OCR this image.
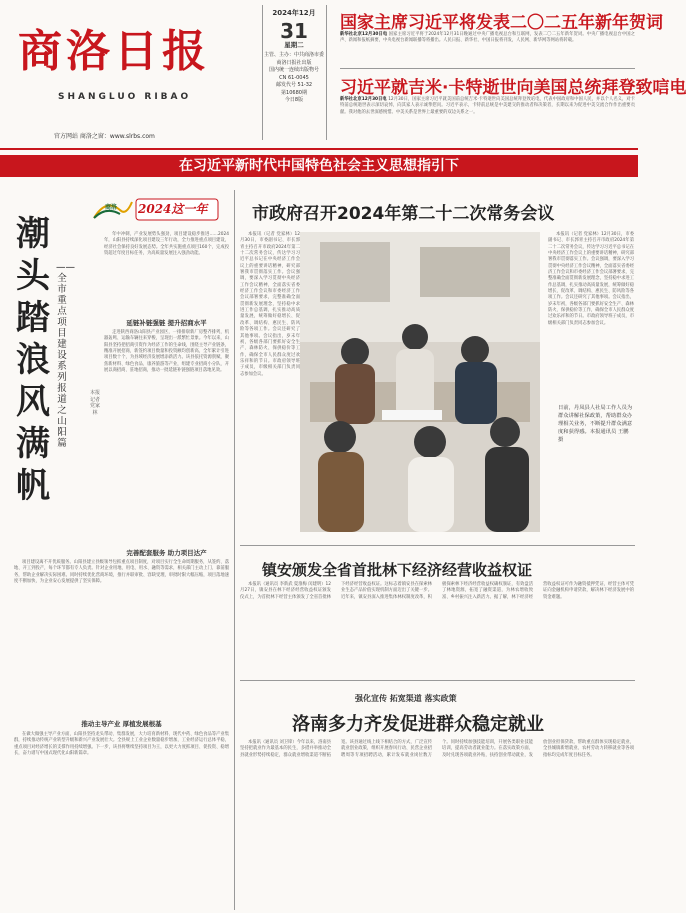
商洛日报
SHANGLUO RIBAO
官方网站 商洛之窗：www.slrbs.com
2024年12月
31
星期二
主管、主办：中共商洛市委
商洛日报社出版
国内统一连续出版物号
CN 61-0045
邮发代号 51-32
第10680期
今日8版
国家主席习近平将发表二〇二五年新年贺词
新华社北京12月30日电 国家主席习近平将于2024年12月31日晚通过中央广播电视总台和互联网，发表二〇二五年新年贺词。中央广播电视总台中国之声、新闻和报纸摘要，中央电视台新闻联播等将播出。人民日报、新华社、中国日报将刊发，人民网、新华网等网站将转载。
习近平就吉米·卡特逝世向美国总统拜登致唁电
新华社北京12月30日电 12月30日，国家主席习近平就美国前总统吉米·卡特逝世向美国总统拜登致唁电，代表中国政府和中国人民，并以个人名义，对卡特前总统逝世表示深切哀悼，向其家人表示诚挚慰问。习近平表示，卡特前总统是中美建交的推动者和决策者，长期以来为促进中美交流合作作出重要贡献。我对他的去世深感惋惜。中美关系是世界上最重要的双边关系之一。
在习近平新时代中国特色社会主义思想指引下
商洛 2024这一年
潮头踏浪风满帆
——全市重点项目建设系列报道之山阳篇
本报记者 党家林
年中冲刺，产业发展势头强劲，项目建设稳步推进……2024年，山阳县持续深化项目建设三年行动，全力推进重点项目建设，经济社会保持良好发展态势。全年共实施重点项目160个，完成投资超过年度目标任务，为高质量发展注入强劲动能。
延链补链强链 提升招商水平
走进陕西商洛山阳县产业园区，一排排崭新厂房整齐排列，机器轰鸣、运输车辆往来穿梭，呈现出一派繁忙景象。今年以来，山阳县坚持把招商引资作为经济工作的生命线，围绕主导产业链条，精准开展招商，新签约项目数量和投资额均创新高，全年累计引进项目数十个，为县域经济发展增添新活力。该县依托资源禀赋，聚焦新材料、绿色食品、康养旅游等产业，组建专业招商小分队，开展以商招商、驻地招商，推动一批延链补链强链项目落地见效。
完善配套服务 助力项目达产
项目建设离不开优质服务。山阳县建立县级领导包抓重点项目制度，对项目实行全生命周期服务，从签约、落地、开工到投产，每个环节都有专人负责。针对企业用地、用电、用水、融资等需求，相关部门主动上门、靠前服务，帮助企业解决实际困难。同时持续优化营商环境，推行并联审批、容缺受理，审批时限大幅压缩，项目落地速度不断加快，为企业安心发展提供了坚实保障。
推动主导产业 厚植发展根基
在做大做强主导产业方面，山阳县坚持龙头带动、集群发展，大力培育新材料、现代中药、绿色食品等产业集群，持续推动传统产业转型升级和新兴产业发展壮大。全县规上工业企业数量稳步增加，工业经济运行总体平稳，重点项目对经济增长的支撑作用持续增强。下一步，该县将继续坚持项目为王，以更大力度抓项目、促投资、稳增长，奋力谱写中国式现代化山阳新篇章。
市政府召开2024年第二十二次常务会议
本报讯（记者 党家林）12月30日，市委副书记、市长郭青主持召开市政府2024年第二十二次常务会议，传达学习习近平总书记在中央经济工作会议上的重要讲话精神，研究部署我市贯彻落实工作。会议强调，要深入学习贯彻中央经济工作会议精神，全面落实省委经济工作会议和市委经济工作会议部署要求，完整准确全面贯彻新发展理念，坚持稳中求进工作总基调，扎实推动高质量发展，统筹做好稳增长、促改革、调结构、惠民生、防风险等各项工作。会议还研究了其他事项。会议指出，岁末年初，各级各部门要抓好安全生产、森林防火、保供稳价等工作，确保全市人民群众度过欢乐祥和的节日。市政府领导班子成员，市级相关部门负责同志参加会议。
本报讯（记者 党家林）12月30日，市委副书记、市长郭青主持召开市政府2024年第二十二次常务会议，传达学习习近平总书记在中央经济工作会议上的重要讲话精神，研究部署我市贯彻落实工作。会议强调，要深入学习贯彻中央经济工作会议精神，全面落实省委经济工作会议和市委经济工作会议部署要求，完整准确全面贯彻新发展理念，坚持稳中求进工作总基调，扎实推动高质量发展，统筹做好稳增长、促改革、调结构、惠民生、防风险等各项工作。会议还研究了其他事项。会议指出，岁末年初，各级各部门要抓好安全生产、森林防火、保供稳价等工作，确保全市人民群众度过欢乐祥和的节日。市政府领导班子成员，市级相关部门负责同志参加会议。
日前，丹凤县人社局工作人员为群众讲解社保政策，帮助群众办理相关业务，不断提升群众满意度和获得感。本报通讯员 王鹏 摄
镇安颁发全省首批林下经济经营收益权证
本报讯（通讯员 李新武 夏淮梅 闵建明）12月27日，镇安县在林下经济经营收益权证颁发仪式上，为首批林下经营主体颁发了全省首批林下经济经营收益权证。这标志着镇安县在探索林业生态产品价值实现机制方面迈出了关键一步。近年来，镇安县深入推进集体林权制度改革，积极探索林下经济经营收益权确权颁证，有效盘活了林地资源，拓宽了融资渠道，为林农增收致富、乡村振兴注入新活力。据了解，林下经济经营收益权证可作为融资抵押凭证，经营主体可凭证向金融机构申请贷款，解决林下经济发展中的资金难题。
强化宣传 拓宽渠道 落实政策
洛南多力齐发促进群众稳定就业
本报讯（通讯员 刘卫锋）今年以来，洛南县坚持把就业作为最基本的民生，多措并举推动全县就业形势持续稳定，群众就业增收渠道不断拓宽。该县通过线上线下相结合的方式，广泛宣传就业创业政策，组织开展春风行动、民营企业招聘周等专项招聘活动，累计发布就业岗位数万个。同时持续加强技能培训，开展各类职业技能培训，提高劳动者就业能力。在落实政策方面，及时兑现各项就业补贴，扶持创业带动就业，发放创业担保贷款，帮助重点群体实现稳定就业，全县城镇新增就业、农村劳动力转移就业等各项指标均完成年度目标任务。
